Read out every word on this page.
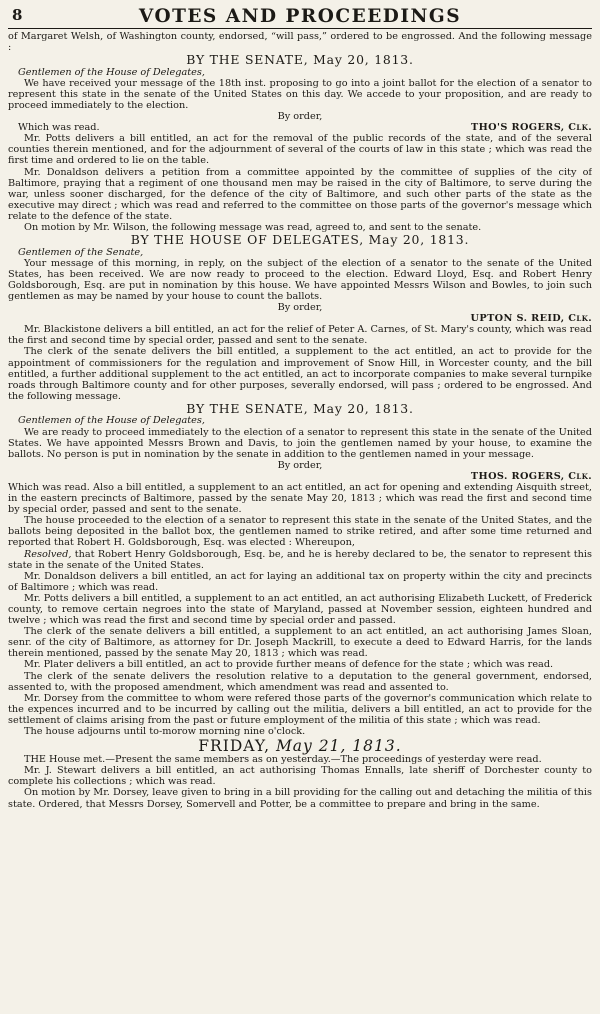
8	VOTES AND PROCEEDINGS

of Margaret Welsh, of Washington county, endorsed, “will pass,” ordered to be engrossed. And the following message :

BY THE SENATE, May 20, 1813.

Gentlemen of the House of Delegates,

We have received your message of the 18th inst. proposing to go into a joint ballot for the election of a senator to represent this state in the senate of the United States on this day. We accede to your proposition, and are ready to proceed immediately to the election.

By order,

Which was read.	THO'S ROGERS, Clk.

Mr. Potts delivers a bill entitled, an act for the removal of the public records of the state, and of the several counties therein mentioned, and for the adjournment of several of the courts of law in this state ; which was read the first time and ordered to lie on the table.

Mr. Donaldson delivers a petition from a committee appointed by the committee of supplies of the city of Baltimore, praying that a regiment of one thousand men may be raised in the city of Baltimore, to serve during the war, unless sooner discharged, for the defence of the city of Baltimore, and such other parts of the state as the executive may direct ; which was read and referred to the committee on those parts of the governor's message which relate to the defence of the state.

On motion by Mr. Wilson, the following message was read, agreed to, and sent to the senate.

BY THE HOUSE OF DELEGATES, May 20, 1813.

Gentlemen of the Senate,

Your message of this morning, in reply, on the subject of the election of a senator to the senate of the United States, has been received. We are now ready to proceed to the election. Edward Lloyd, Esq. and Robert Henry Goldsborough, Esq. are put in nomination by this house. We have appointed Messrs Wilson and Bowles, to join such gentlemen as may be named by your house to count the ballots.

By order,

UPTON S. REID, Clk.

Mr. Blackistone delivers a bill entitled, an act for the relief of Peter A. Carnes, of St. Mary's county, which was read the first and second time by special order, passed and sent to the senate.

The clerk of the senate delivers the bill entitled, a supplement to the act entitled, an act to provide for the appointment of commissioners for the regulation and improvement of Snow Hill, in Worcester county, and the bill entitled, a further additional supplement to the act entitled, an act to incorporate companies to make several turnpike roads through Baltimore county and for other purposes, severally endorsed, will pass ; ordered to be engrossed. And the following message.

BY THE SENATE, May 20, 1813.

Gentlemen of the House of Delegates,

We are ready to proceed immediately to the election of a senator to represent this state in the senate of the United States. We have appointed Messrs Brown and Davis, to join the gentlemen named by your house, to examine the ballots. No person is put in nomination by the senate in addition to the gentlemen named in your message.

By order,

THOS. ROGERS, Clk.

Which was read. Also a bill entitled, a supplement to an act entitled, an act for opening and extending Aisquith street, in the eastern precincts of Baltimore, passed by the senate May 20, 1813 ; which was read the first and second time by special order, passed and sent to the senate.

The house proceeded to the election of a senator to represent this state in the senate of the United States, and the ballots being deposited in the ballot box, the gentlemen named to strike retired, and after some time returned and reported that Robert H. Goldsborough, Esq. was elected : Whereupon,

Resolved, that Robert Henry Goldsborough, Esq. be, and he is hereby declared to be, the senator to represent this state in the senate of the United States.

Mr. Donaldson delivers a bill entitled, an act for laying an additional tax on property within the city and precincts of Baltimore ; which was read.

Mr. Potts delivers a bill entitled, a supplement to an act entitled, an act authorising Elizabeth Luckett, of Frederick county, to remove certain negroes into the state of Maryland, passed at November session, eighteen hundred and twelve ; which was read the first and second time by special order and passed.

The clerk of the senate delivers a bill entitled, a supplement to an act entitled, an act authorising James Sloan, senr. of the city of Baltimore, as attorney for Dr. Joseph Mackrill, to execute a deed to Edward Harris, for the lands therein mentioned, passed by the senate May 20, 1813 ; which was read.

Mr. Plater delivers a bill entitled, an act to provide further means of defence for the state ; which was read.

The clerk of the senate delivers the resolution relative to a deputation to the general government, endorsed, assented to, with the proposed amendment, which amendment was read and assented to.

Mr. Dorsey from the committee to whom were refered those parts of the governor's communication which relate to the expences incurred and to be incurred by calling out the militia, delivers a bill entitled, an act to provide for the settlement of claims arising from the past or future employment of the militia of this state ; which was read.

The house adjourns until to-morow morning nine o'clock.

FRIDAY, May 21, 1813.

THE House met.—Present the same members as on yesterday.—The proceedings of yesterday were read.

Mr. J. Stewart delivers a bill entitled, an act authorising Thomas Ennalls, late sheriff of Dorchester county to complete his collections ; which was read.

On motion by Mr. Dorsey, leave given to bring in a bill providing for the calling out and detaching the militia of this state. Ordered, that Messrs Dorsey, Somervell and Potter, be a committee to prepare and bring in the same.
